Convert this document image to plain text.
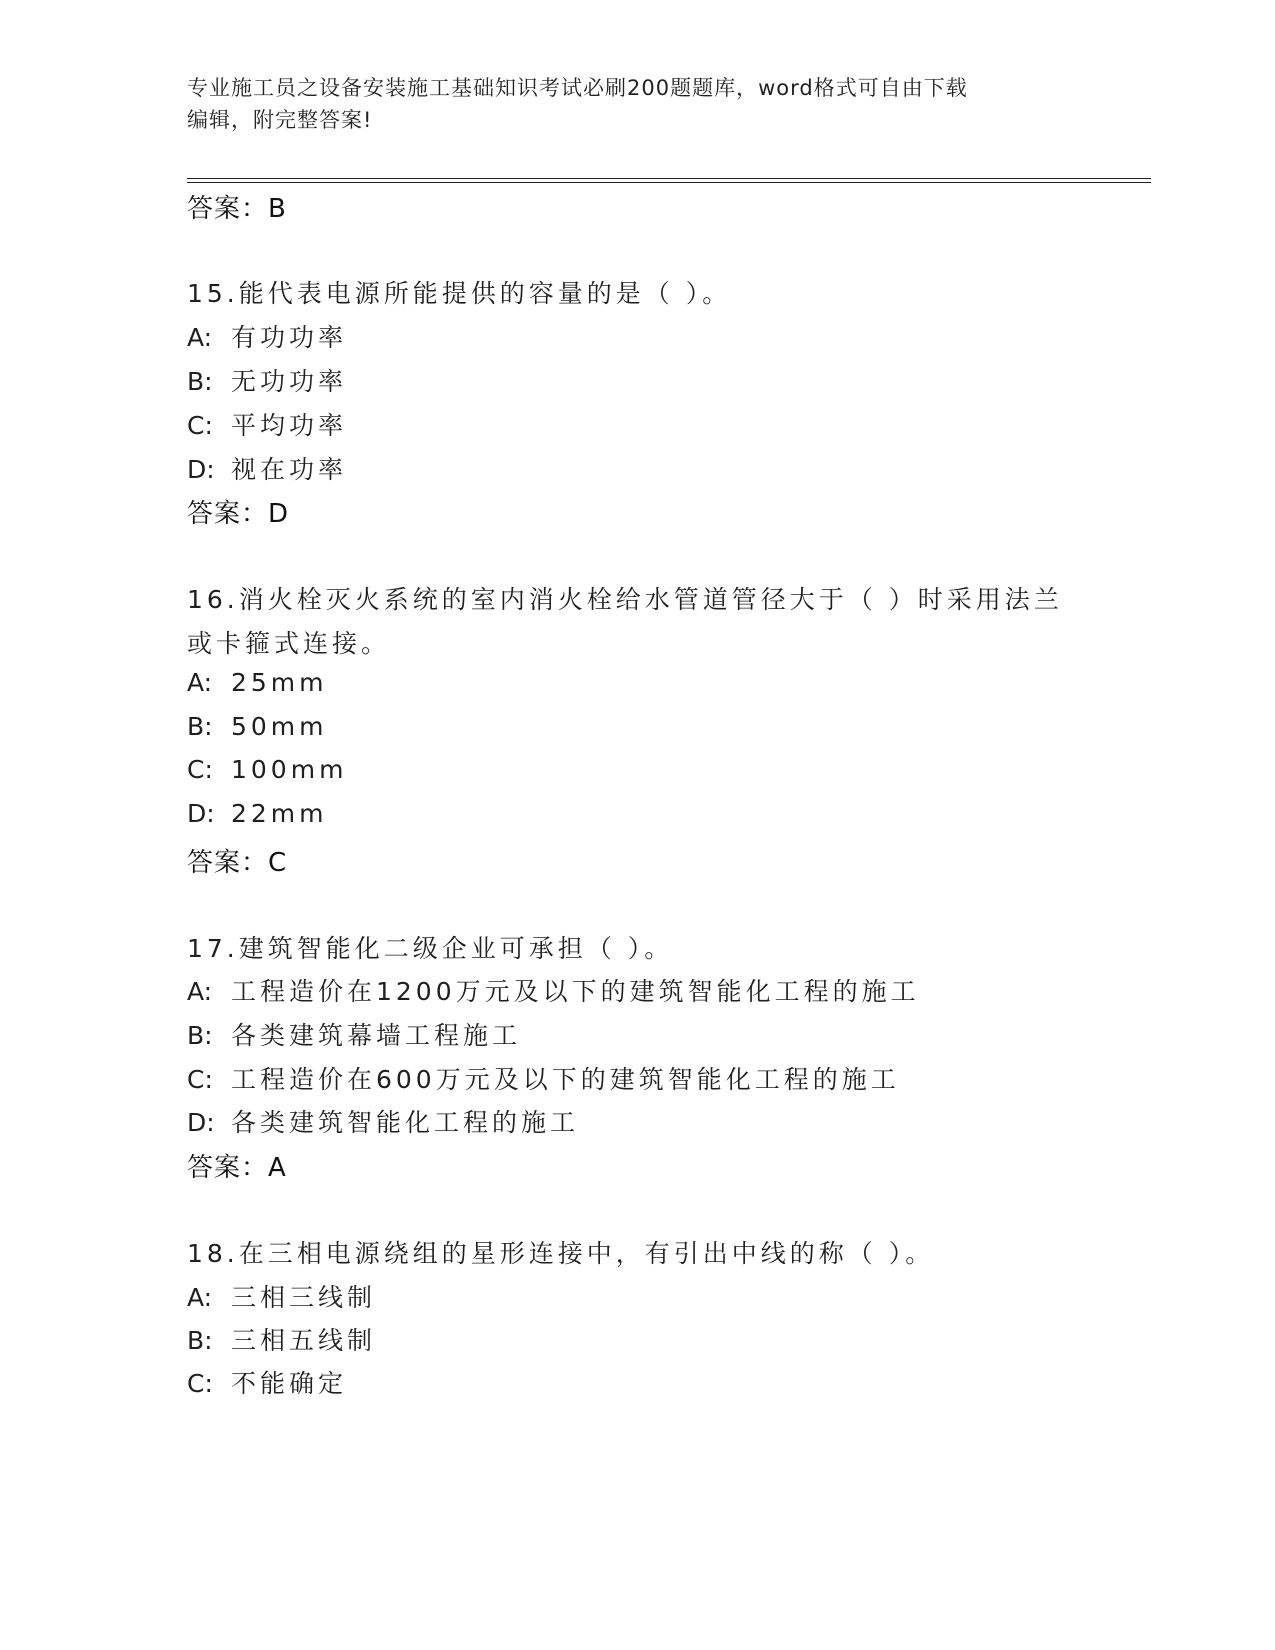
专业施工员之设备安装施工基础知识考试必刷200题题库，word格式可自由下载
编辑，附完整答案!
答案：B
15.能代表电源所能提供的容量的是（ ）。
A: 有功功率
B: 无功功率
C: 平均功率
D: 视在功率
答案：D
16.消火栓灭火系统的室内消火栓给水管道管径大于（ ）时采用法兰
或卡箍式连接。
A: 25mm
B: 50mm
C: 100mm
D: 22mm
答案：C
17.建筑智能化二级企业可承担（ ）。
A: 工程造价在1200万元及以下的建筑智能化工程的施工
B: 各类建筑幕墙工程施工
C: 工程造价在600万元及以下的建筑智能化工程的施工
D: 各类建筑智能化工程的施工
答案：A
18.在三相电源绕组的星形连接中，有引出中线的称（ ）。
A: 三相三线制
B: 三相五线制
C: 不能确定
